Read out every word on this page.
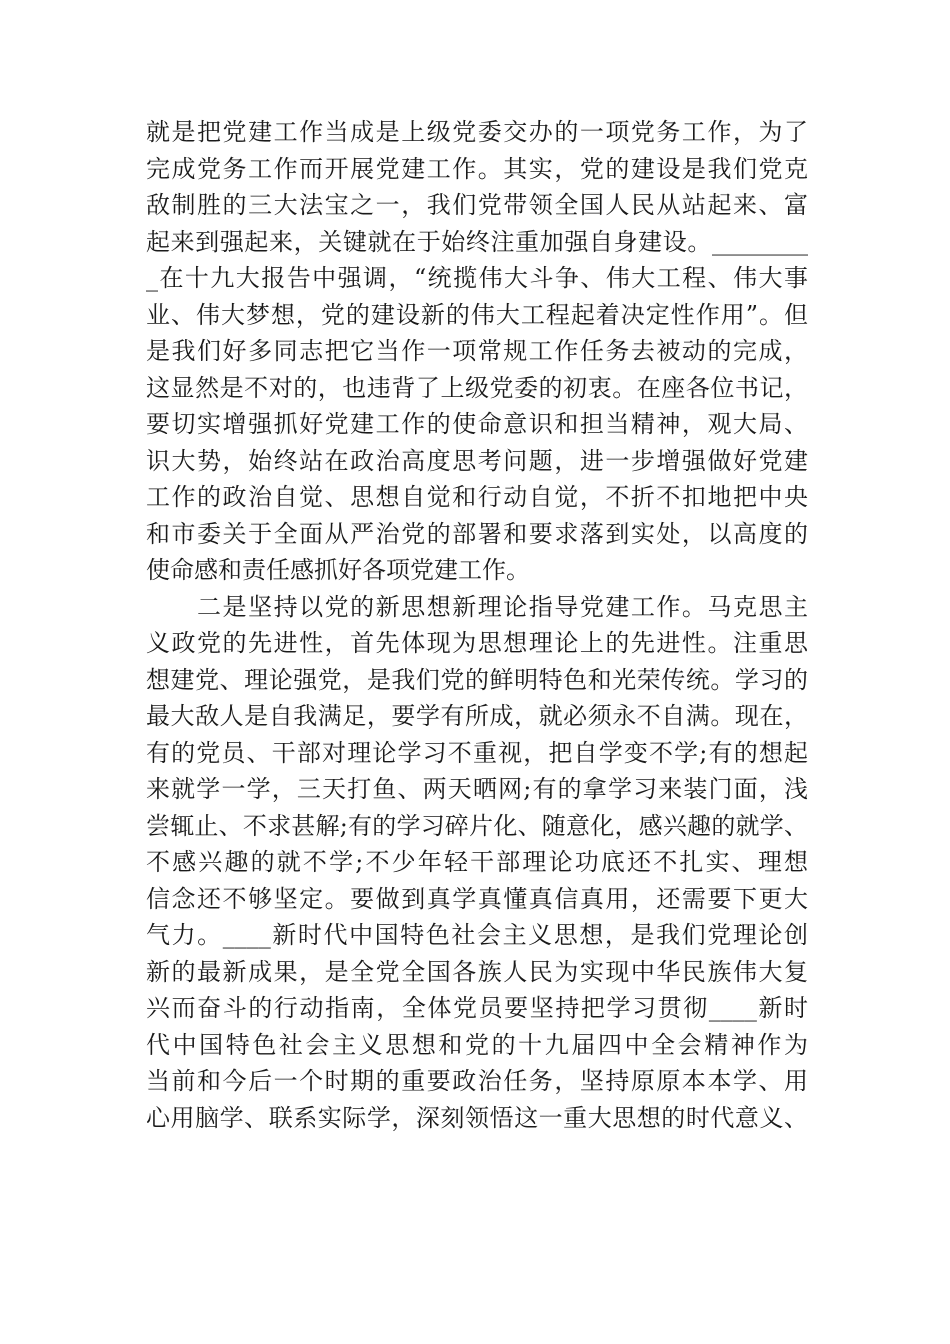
就是把党建工作当成是上级党委交办的一项党务工作，为了
完成党务工作而开展党建工作。其实，党的建设是我们党克
敌制胜的三大法宝之一，我们党带领全国人民从站起来、富
起来到强起来，关键就在于始终注重加强自身建设。________
_在十九大报告中强调，“统揽伟大斗争、伟大工程、伟大事
业、伟大梦想，党的建设新的伟大工程起着决定性作用”。但
是我们好多同志把它当作一项常规工作任务去被动的完成，
这显然是不对的，也违背了上级党委的初衷。在座各位书记，
要切实增强抓好党建工作的使命意识和担当精神，观大局、
识大势，始终站在政治高度思考问题，进一步增强做好党建
工作的政治自觉、思想自觉和行动自觉，不折不扣地把中央
和市委关于全面从严治党的部署和要求落到实处，以高度的
使命感和责任感抓好各项党建工作。
　　二是坚持以党的新思想新理论指导党建工作。马克思主
义政党的先进性，首先体现为思想理论上的先进性。注重思
想建党、理论强党，是我们党的鲜明特色和光荣传统。学习的
最大敌人是自我满足，要学有所成，就必须永不自满。现在，
有的党员、干部对理论学习不重视，把自学变不学;有的想起
来就学一学，三天打鱼、两天晒网;有的拿学习来装门面，浅
尝辄止、不求甚解;有的学习碎片化、随意化，感兴趣的就学、
不感兴趣的就不学;不少年轻干部理论功底还不扎实、理想
信念还不够坚定。要做到真学真懂真信真用，还需要下更大
气力。____新时代中国特色社会主义思想，是我们党理论创
新的最新成果，是全党全国各族人民为实现中华民族伟大复
兴而奋斗的行动指南，全体党员要坚持把学习贯彻____新时
代中国特色社会主义思想和党的十九届四中全会精神作为
当前和今后一个时期的重要政治任务，坚持原原本本学、用
心用脑学、联系实际学，深刻领悟这一重大思想的时代意义、
